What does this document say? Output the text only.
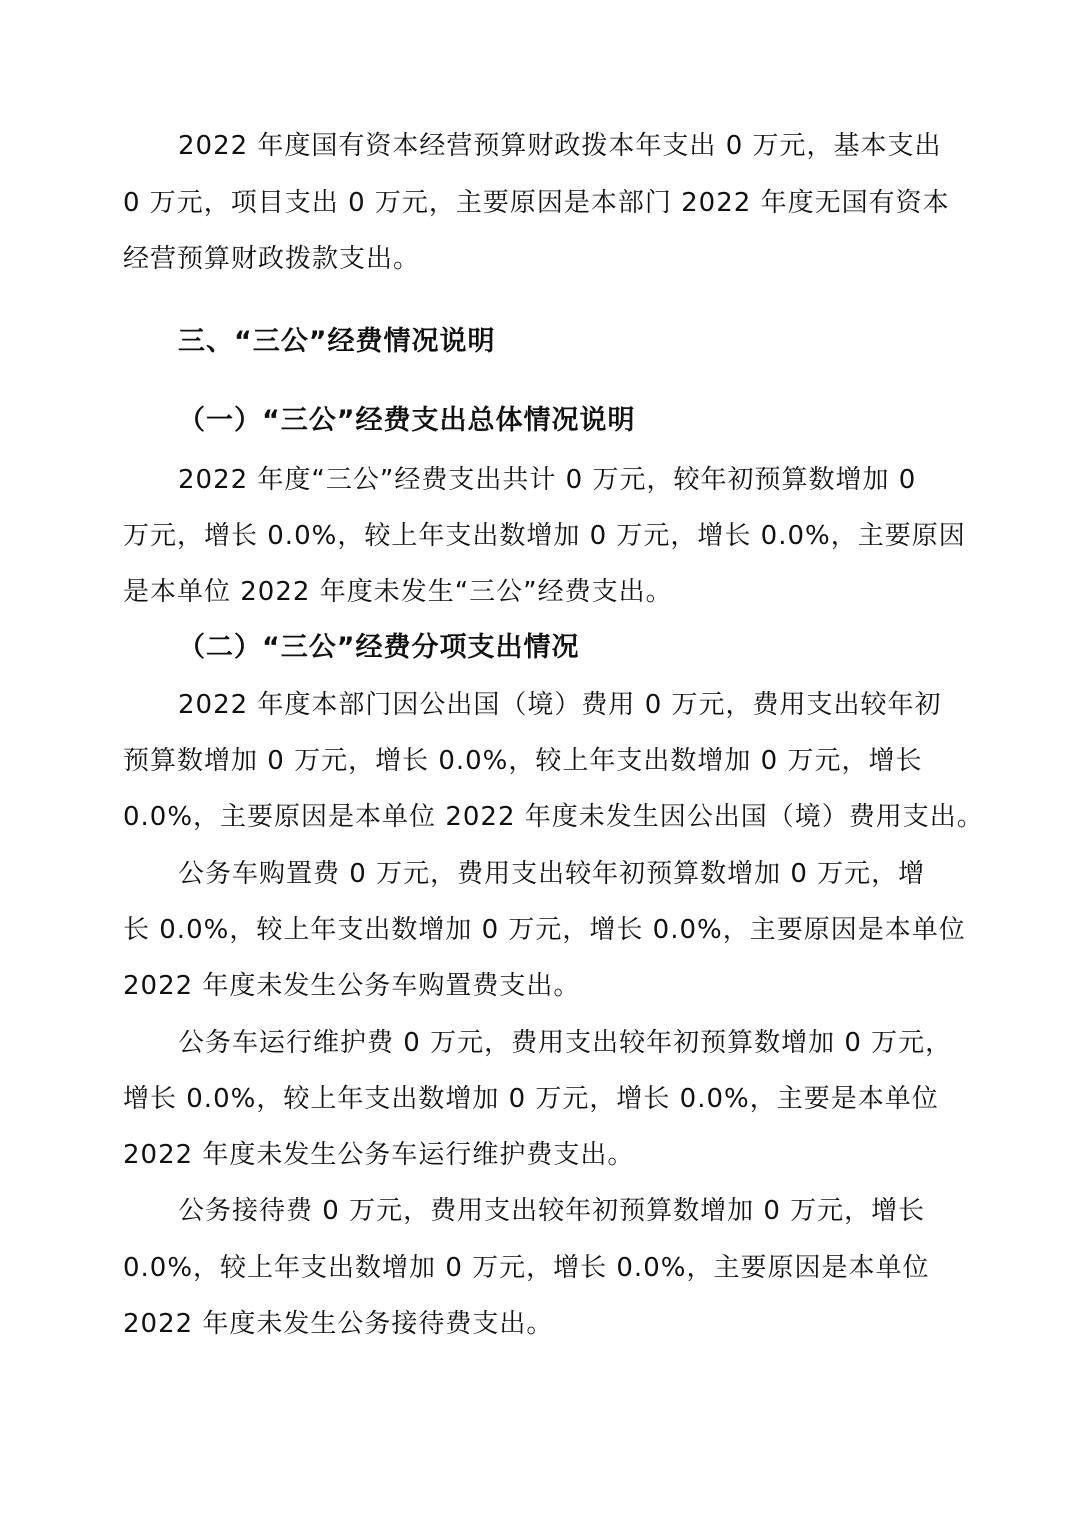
2022 年度国有资本经营预算财政拨本年支出 0 万元，基本支出

0 万元，项目支出 0 万元，主要原因是本部门 2022 年度无国有资本

经营预算财政拨款支出。

三、“三公”经费情况说明

（一）“三公”经费支出总体情况说明

2022 年度“三公”经费支出共计 0 万元，较年初预算数增加 0

万元，增长 0.0%，较上年支出数增加 0 万元，增长 0.0%，主要原因

是本单位 2022 年度未发生“三公”经费支出。

（二）“三公”经费分项支出情况

2022 年度本部门因公出国（境）费用 0 万元，费用支出较年初

预算数增加 0 万元，增长 0.0%，较上年支出数增加 0 万元，增长

0.0%，主要原因是本单位 2022 年度未发生因公出国（境）费用支出。

公务车购置费 0 万元，费用支出较年初预算数增加 0 万元，增

长 0.0%，较上年支出数增加 0 万元，增长 0.0%，主要原因是本单位

2022 年度未发生公务车购置费支出。

公务车运行维护费 0 万元，费用支出较年初预算数增加 0 万元，

增长 0.0%，较上年支出数增加 0 万元，增长 0.0%，主要是本单位

2022 年度未发生公务车运行维护费支出。

公务接待费 0 万元，费用支出较年初预算数增加 0 万元，增长

0.0%，较上年支出数增加 0 万元，增长 0.0%，主要原因是本单位

2022 年度未发生公务接待费支出。
